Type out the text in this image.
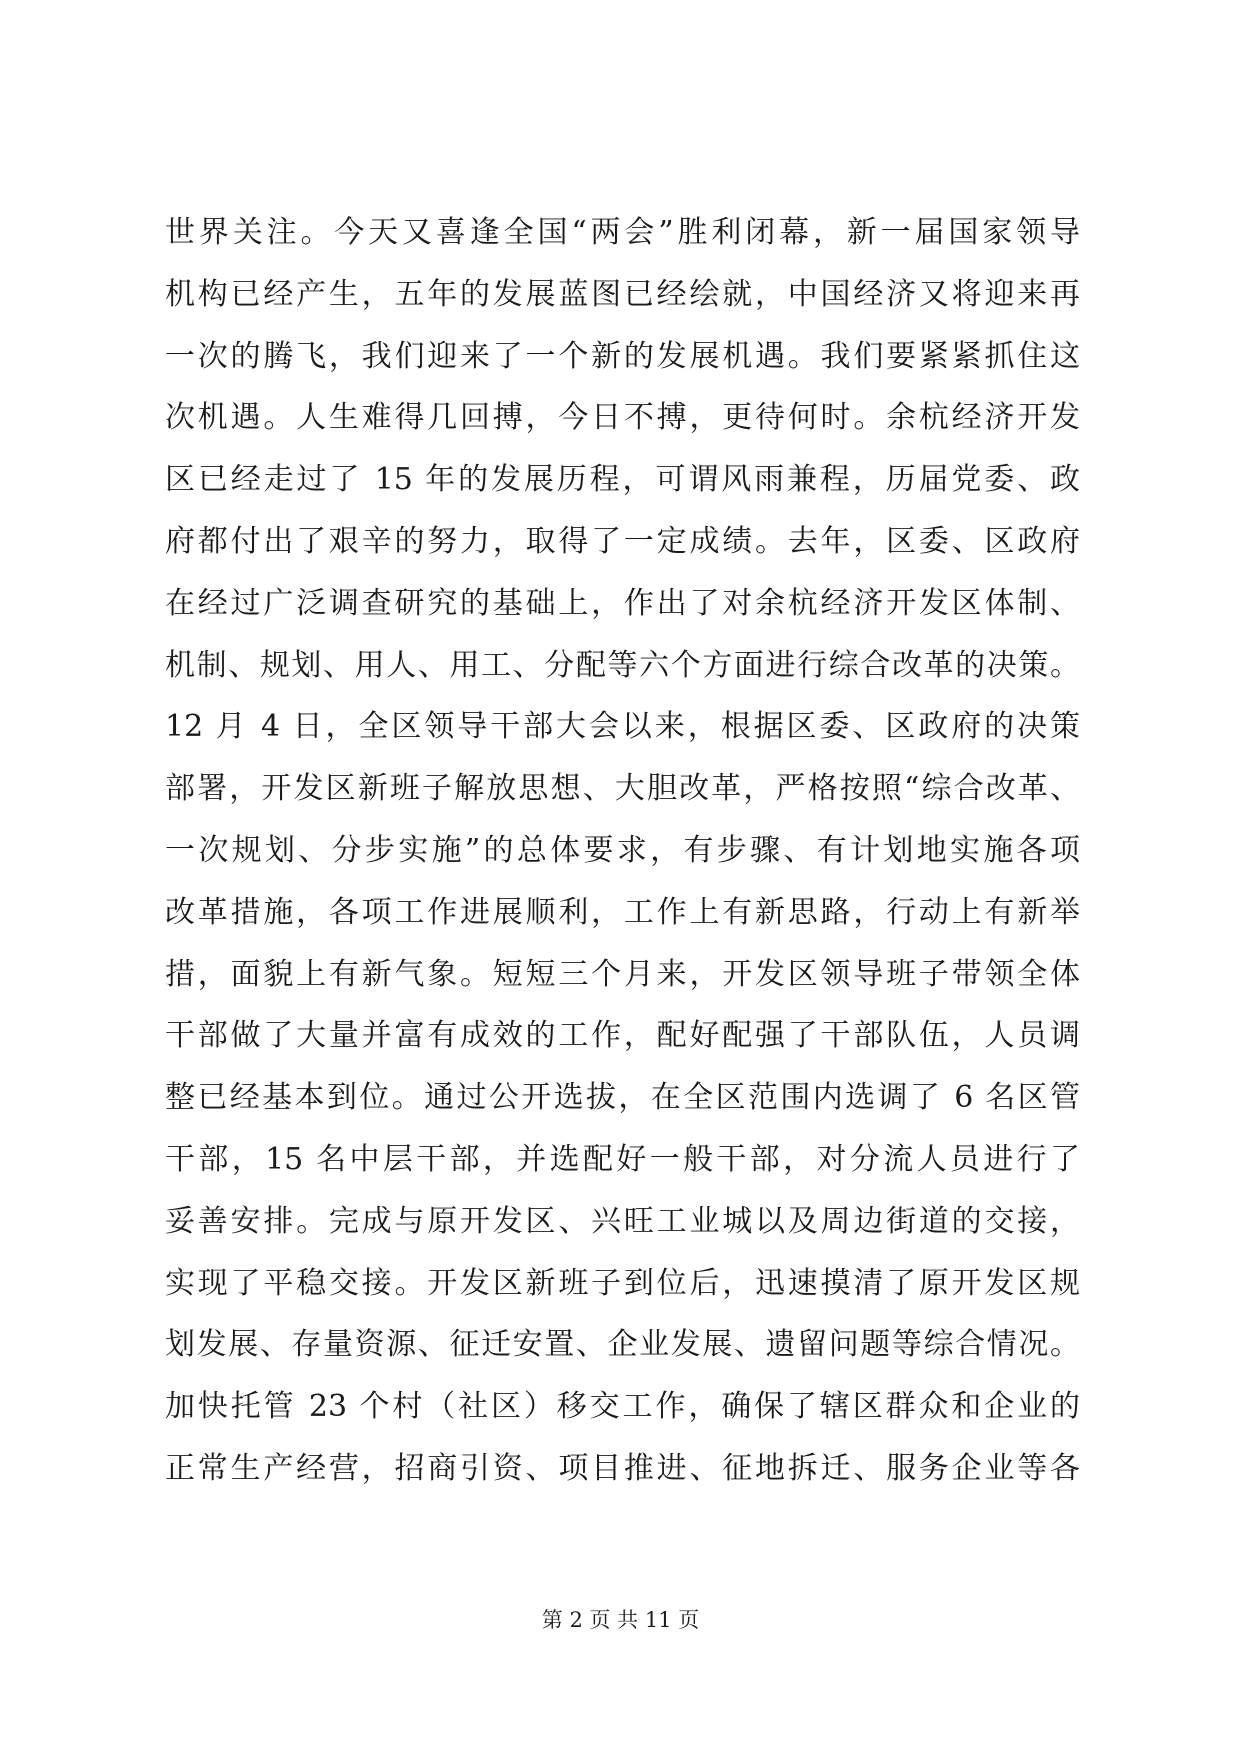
世界关注。今天又喜逢全国“两会”胜利闭幕，新一届国家领导
机构已经产生，五年的发展蓝图已经绘就，中国经济又将迎来再
一次的腾飞，我们迎来了一个新的发展机遇。我们要紧紧抓住这
次机遇。人生难得几回搏，今日不搏，更待何时。余杭经济开发
区已经走过了 15 年的发展历程，可谓风雨兼程，历届党委、政
府都付出了艰辛的努力，取得了一定成绩。去年，区委、区政府
在经过广泛调查研究的基础上，作出了对余杭经济开发区体制、
机制、规划、用人、用工、分配等六个方面进行综合改革的决策。
12 月 4 日，全区领导干部大会以来，根据区委、区政府的决策
部署，开发区新班子解放思想、大胆改革，严格按照“综合改革、
一次规划、分步实施”的总体要求，有步骤、有计划地实施各项
改革措施，各项工作进展顺利，工作上有新思路，行动上有新举
措，面貌上有新气象。短短三个月来，开发区领导班子带领全体
干部做了大量并富有成效的工作，配好配强了干部队伍，人员调
整已经基本到位。通过公开选拔，在全区范围内选调了 6 名区管
干部，15 名中层干部，并选配好一般干部，对分流人员进行了
妥善安排。完成与原开发区、兴旺工业城以及周边街道的交接，
实现了平稳交接。开发区新班子到位后，迅速摸清了原开发区规
划发展、存量资源、征迁安置、企业发展、遗留问题等综合情况。
加快托管 23 个村（社区）移交工作，确保了辖区群众和企业的
正常生产经营，招商引资、项目推进、征地拆迁、服务企业等各
第 2 页 共 11 页
